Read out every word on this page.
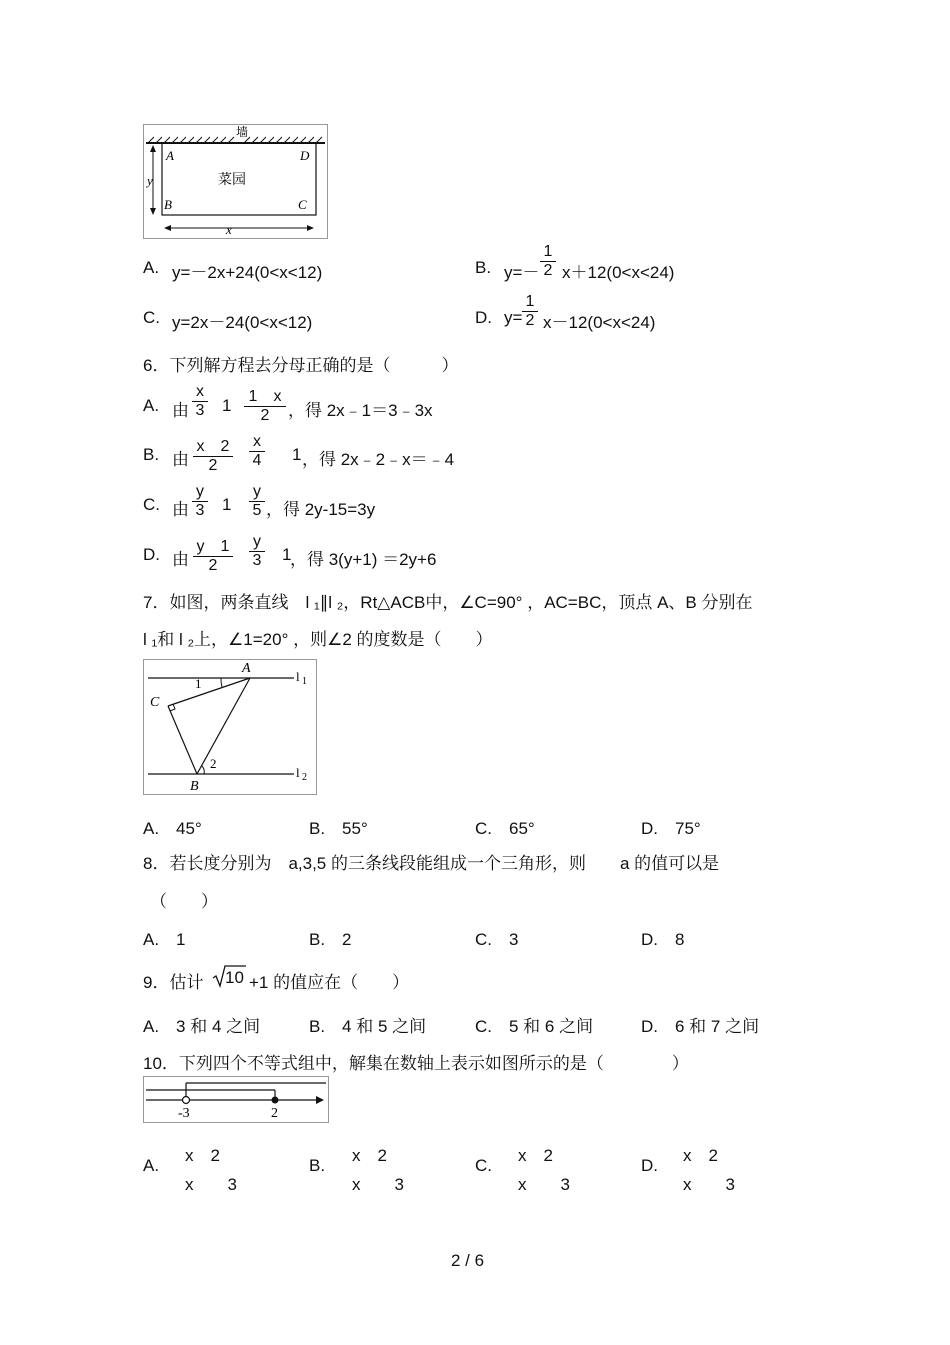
墙
y
x
A	D
B	C
菜园
A. y=－2x+24(0<x<12)	B. y=－
1
2 x＋12(0<x<24)
C. y=2x－24(0<x<12)	D. y=
1
2 x－12(0<x<24)
6．下列解方程去分母正确的是（　　　）
A. 由
x
3 1 1　x
2	，得 2x﹣1＝3﹣3x
B. 由
x　2
2
x
4 1 ，得 2x﹣2﹣x＝﹣4
C. 由
y
3 1
y
5 ，得 2y-15=3y
D. 由
y　1
2
y
3 1
，得 3(y+1) ＝2y+6
7．如图，两条直线　l ₁∥l ₂，Rt△ACB中，∠C=90° ，AC=BC，顶点 A、B 分别在
l ₁和 l ₂上，∠1=20° ，则∠2 的度数是（　　）
A
C
B
1
2
l 1
l 2
A.　45°	B.　55°	C.　65°	D.　75°
8．若长度分别为　a,3,5 的三条线段能组成一个三角形，则　　a 的值可以是
（　　）
A.　1	B.　2	C.　3	D.　8
9．估计 10 +1 的值应在（　　）
A.　3 和 4 之间	B.　4 和 5 之间	C.　5 和 6 之间	D.　6 和 7 之间
10．下列四个不等式组中，解集在数轴上表示如图所示的是（　　　　）
-3	2
A.
x　2
x　　3
B.
x　2
x　　3
C.
x　2
x　　3
D.
x　2
x　　3
2 / 6
